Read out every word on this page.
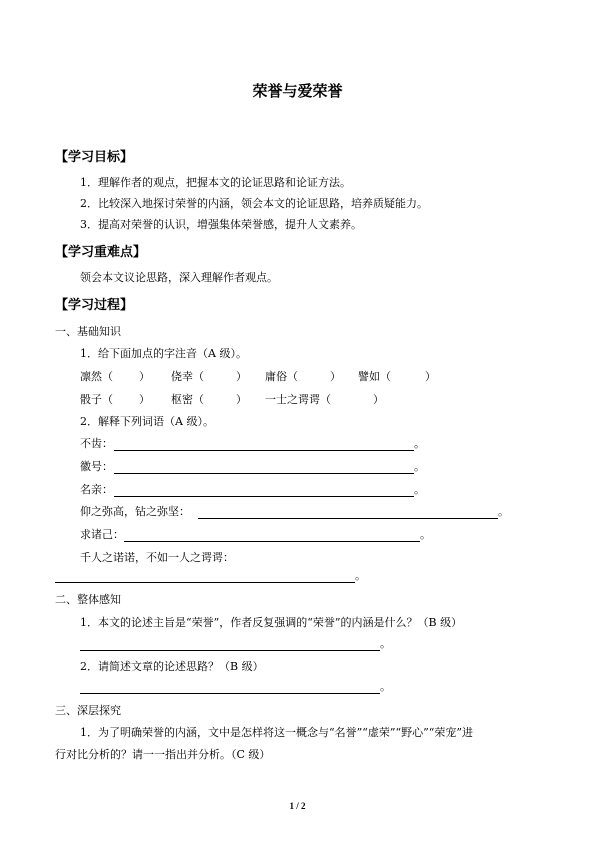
荣誉与爱荣誉
【学习目标】
1．理解作者的观点，把握本文的论证思路和论证方法。
2．比较深入地探讨荣誉的内涵，领会本文的论证思路，培养质疑能力。
3．提高对荣誉的认识，增强集体荣誉感，提升人文素养。
【学习重难点】
领会本文议论思路，深入理解作者观点。
【学习过程】
一、基础知识
1．给下面加点的字注音（A 级）。
凛然（ ） 侥幸（	） 庸俗（	） 譬如（	）
骰子（ ） 枢密（	） 一士之谔谔（	）
2．解释下列词语（A 级）。
不齿：	。
徽号：	。
名亲：	。
仰之弥高，钻之弥坚：	。
求诸己：	。
千人之诺诺，不如一人之谔谔：
。
二、整体感知
1．本文的论述主旨是“荣誉”，作者反复强调的“荣誉”的内涵是什么？（B 级）
。
2．请简述文章的论述思路？（B 级）
。
三、深层探究
1．为了明确荣誉的内涵，文中是怎样将这一概念与“名誉”“虚荣”“野心”“荣宠”进
行对比分析的？请一一指出并分析。（C 级）
1 / 2
